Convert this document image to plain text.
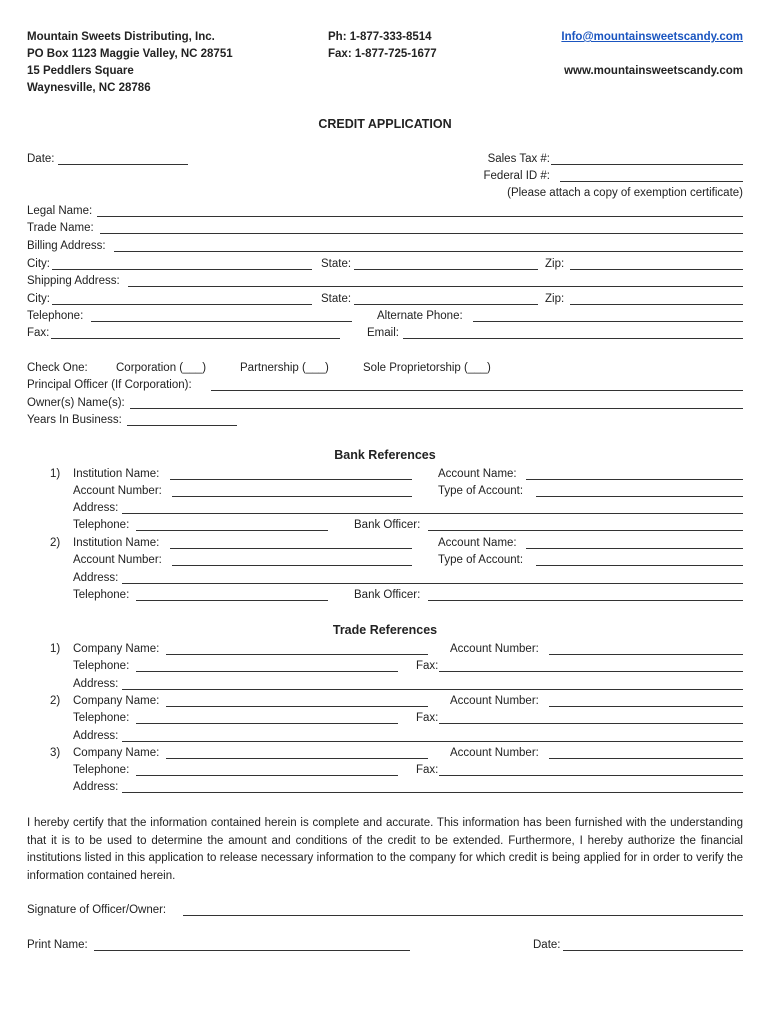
Mountain Sweets Distributing, Inc.
PO Box 1123 Maggie Valley, NC 28751
15 Peddlers Square
Waynesville, NC 28786
Ph: 1-877-333-8514
Fax: 1-877-725-1677
Info@mountainsweetscandy.com
www.mountainsweetscandy.com
CREDIT APPLICATION
Date:	Sales Tax #:
Federal ID #:
(Please attach a copy of exemption certificate)
Legal Name:
Trade Name:
Billing Address:
City:	State:	Zip:
Shipping Address:
City:	State:	Zip:
Telephone:	Alternate Phone:
Fax:	Email:
Check One: Corporation (___)	Partnership (___)	Sole Proprietorship (___)
Principal Officer (If Corporation):
Owner(s) Name(s):
Years In Business:
Bank References
1) Institution Name:	Account Name:
Account Number:	Type of Account:
Address:
Telephone:	Bank Officer:
2) Institution Name:	Account Name:
Account Number:	Type of Account:
Address:
Telephone:	Bank Officer:
Trade References
1) Company Name:	Account Number:
Telephone:	Fax:
Address:
2) Company Name:	Account Number:
Telephone:	Fax:
Address:
3) Company Name:	Account Number:
Telephone:	Fax:
Address:
I hereby certify that the information contained herein is complete and accurate. This information has been furnished with the understanding that it is to be used to determine the amount and conditions of the credit to be extended. Furthermore, I hereby authorize the financial institutions listed in this application to release necessary information to the company for which credit is being applied for in order to verify the information contained herein.
Signature of Officer/Owner:
Print Name:	Date:
